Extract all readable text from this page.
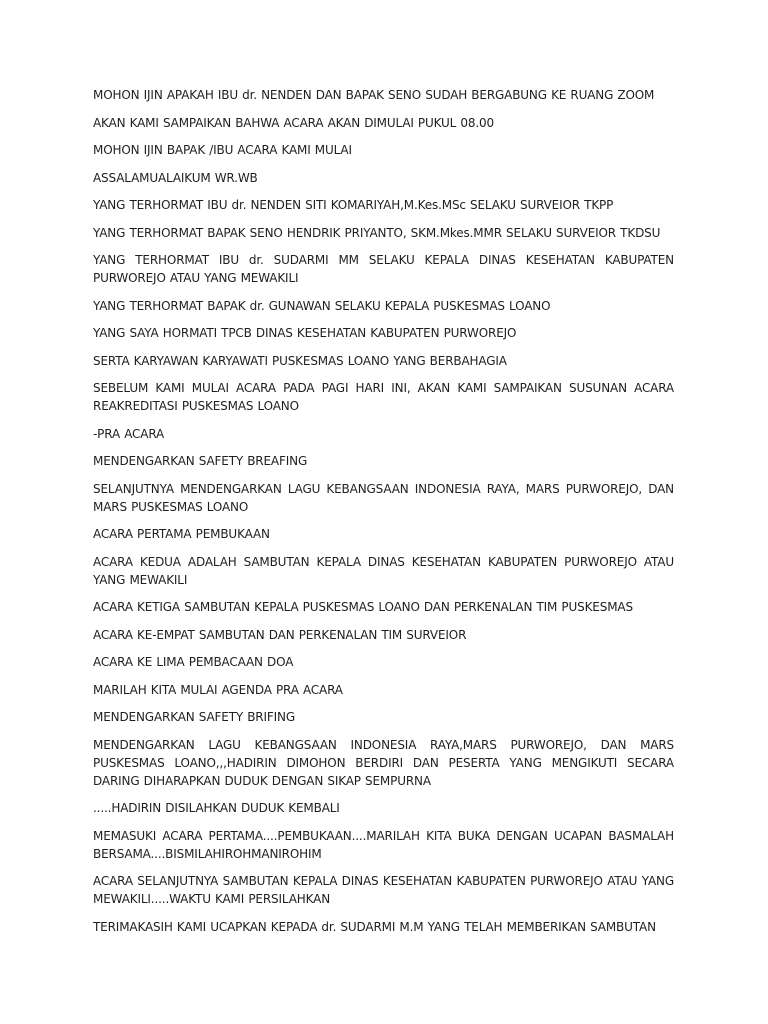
MOHON IJIN APAKAH IBU dr. NENDEN DAN BAPAK SENO SUDAH BERGABUNG KE RUANG ZOOM

AKAN KAMI SAMPAIKAN BAHWA ACARA AKAN DIMULAI PUKUL 08.00

MOHON IJIN BAPAK /IBU ACARA KAMI MULAI

ASSALAMUALAIKUM WR.WB

YANG TERHORMAT IBU dr. NENDEN SITI KOMARIYAH,M.Kes.MSc SELAKU SURVEIOR TKPP

YANG TERHORMAT BAPAK SENO HENDRIK PRIYANTO, SKM.Mkes.MMR SELAKU SURVEIOR TKDSU

YANG TERHORMAT IBU dr. SUDARMI MM SELAKU KEPALA DINAS KESEHATAN KABUPATEN PURWOREJO ATAU YANG MEWAKILI

YANG TERHORMAT BAPAK dr. GUNAWAN SELAKU KEPALA PUSKESMAS LOANO

YANG SAYA HORMATI TPCB DINAS KESEHATAN KABUPATEN PURWOREJO

SERTA KARYAWAN KARYAWATI PUSKESMAS LOANO YANG BERBAHAGIA

SEBELUM KAMI MULAI ACARA PADA PAGI HARI INI, AKAN KAMI SAMPAIKAN SUSUNAN ACARA REAKREDITASI PUSKESMAS LOANO

-PRA ACARA

MENDENGARKAN SAFETY BREAFING

SELANJUTNYA MENDENGARKAN LAGU KEBANGSAAN INDONESIA RAYA, MARS PURWOREJO, DAN MARS PUSKESMAS LOANO

ACARA PERTAMA PEMBUKAAN

ACARA KEDUA ADALAH SAMBUTAN KEPALA DINAS KESEHATAN KABUPATEN PURWOREJO ATAU YANG MEWAKILI

ACARA KETIGA SAMBUTAN KEPALA PUSKESMAS LOANO DAN PERKENALAN TIM PUSKESMAS

ACARA KE-EMPAT SAMBUTAN DAN PERKENALAN TIM SURVEIOR

ACARA KE LIMA PEMBACAAN DOA

MARILAH KITA MULAI AGENDA PRA ACARA

MENDENGARKAN SAFETY BRIFING

MENDENGARKAN LAGU KEBANGSAAN INDONESIA RAYA,MARS PURWOREJO, DAN MARS PUSKESMAS LOANO,,,HADIRIN DIMOHON BERDIRI DAN PESERTA YANG MENGIKUTI SECARA DARING DIHARAPKAN DUDUK DENGAN SIKAP SEMPURNA

.....HADIRIN DISILAHKAN DUDUK KEMBALI

MEMASUKI ACARA PERTAMA....PEMBUKAAN....MARILAH KITA BUKA DENGAN UCAPAN BASMALAH BERSAMA....BISMILAHIROHMANIROHIM

ACARA SELANJUTNYA SAMBUTAN KEPALA DINAS KESEHATAN KABUPATEN PURWOREJO ATAU YANG MEWAKILI.....WAKTU KAMI PERSILAHKAN

TERIMAKASIH KAMI UCAPKAN KEPADA dr. SUDARMI M.M YANG TELAH MEMBERIKAN SAMBUTAN
